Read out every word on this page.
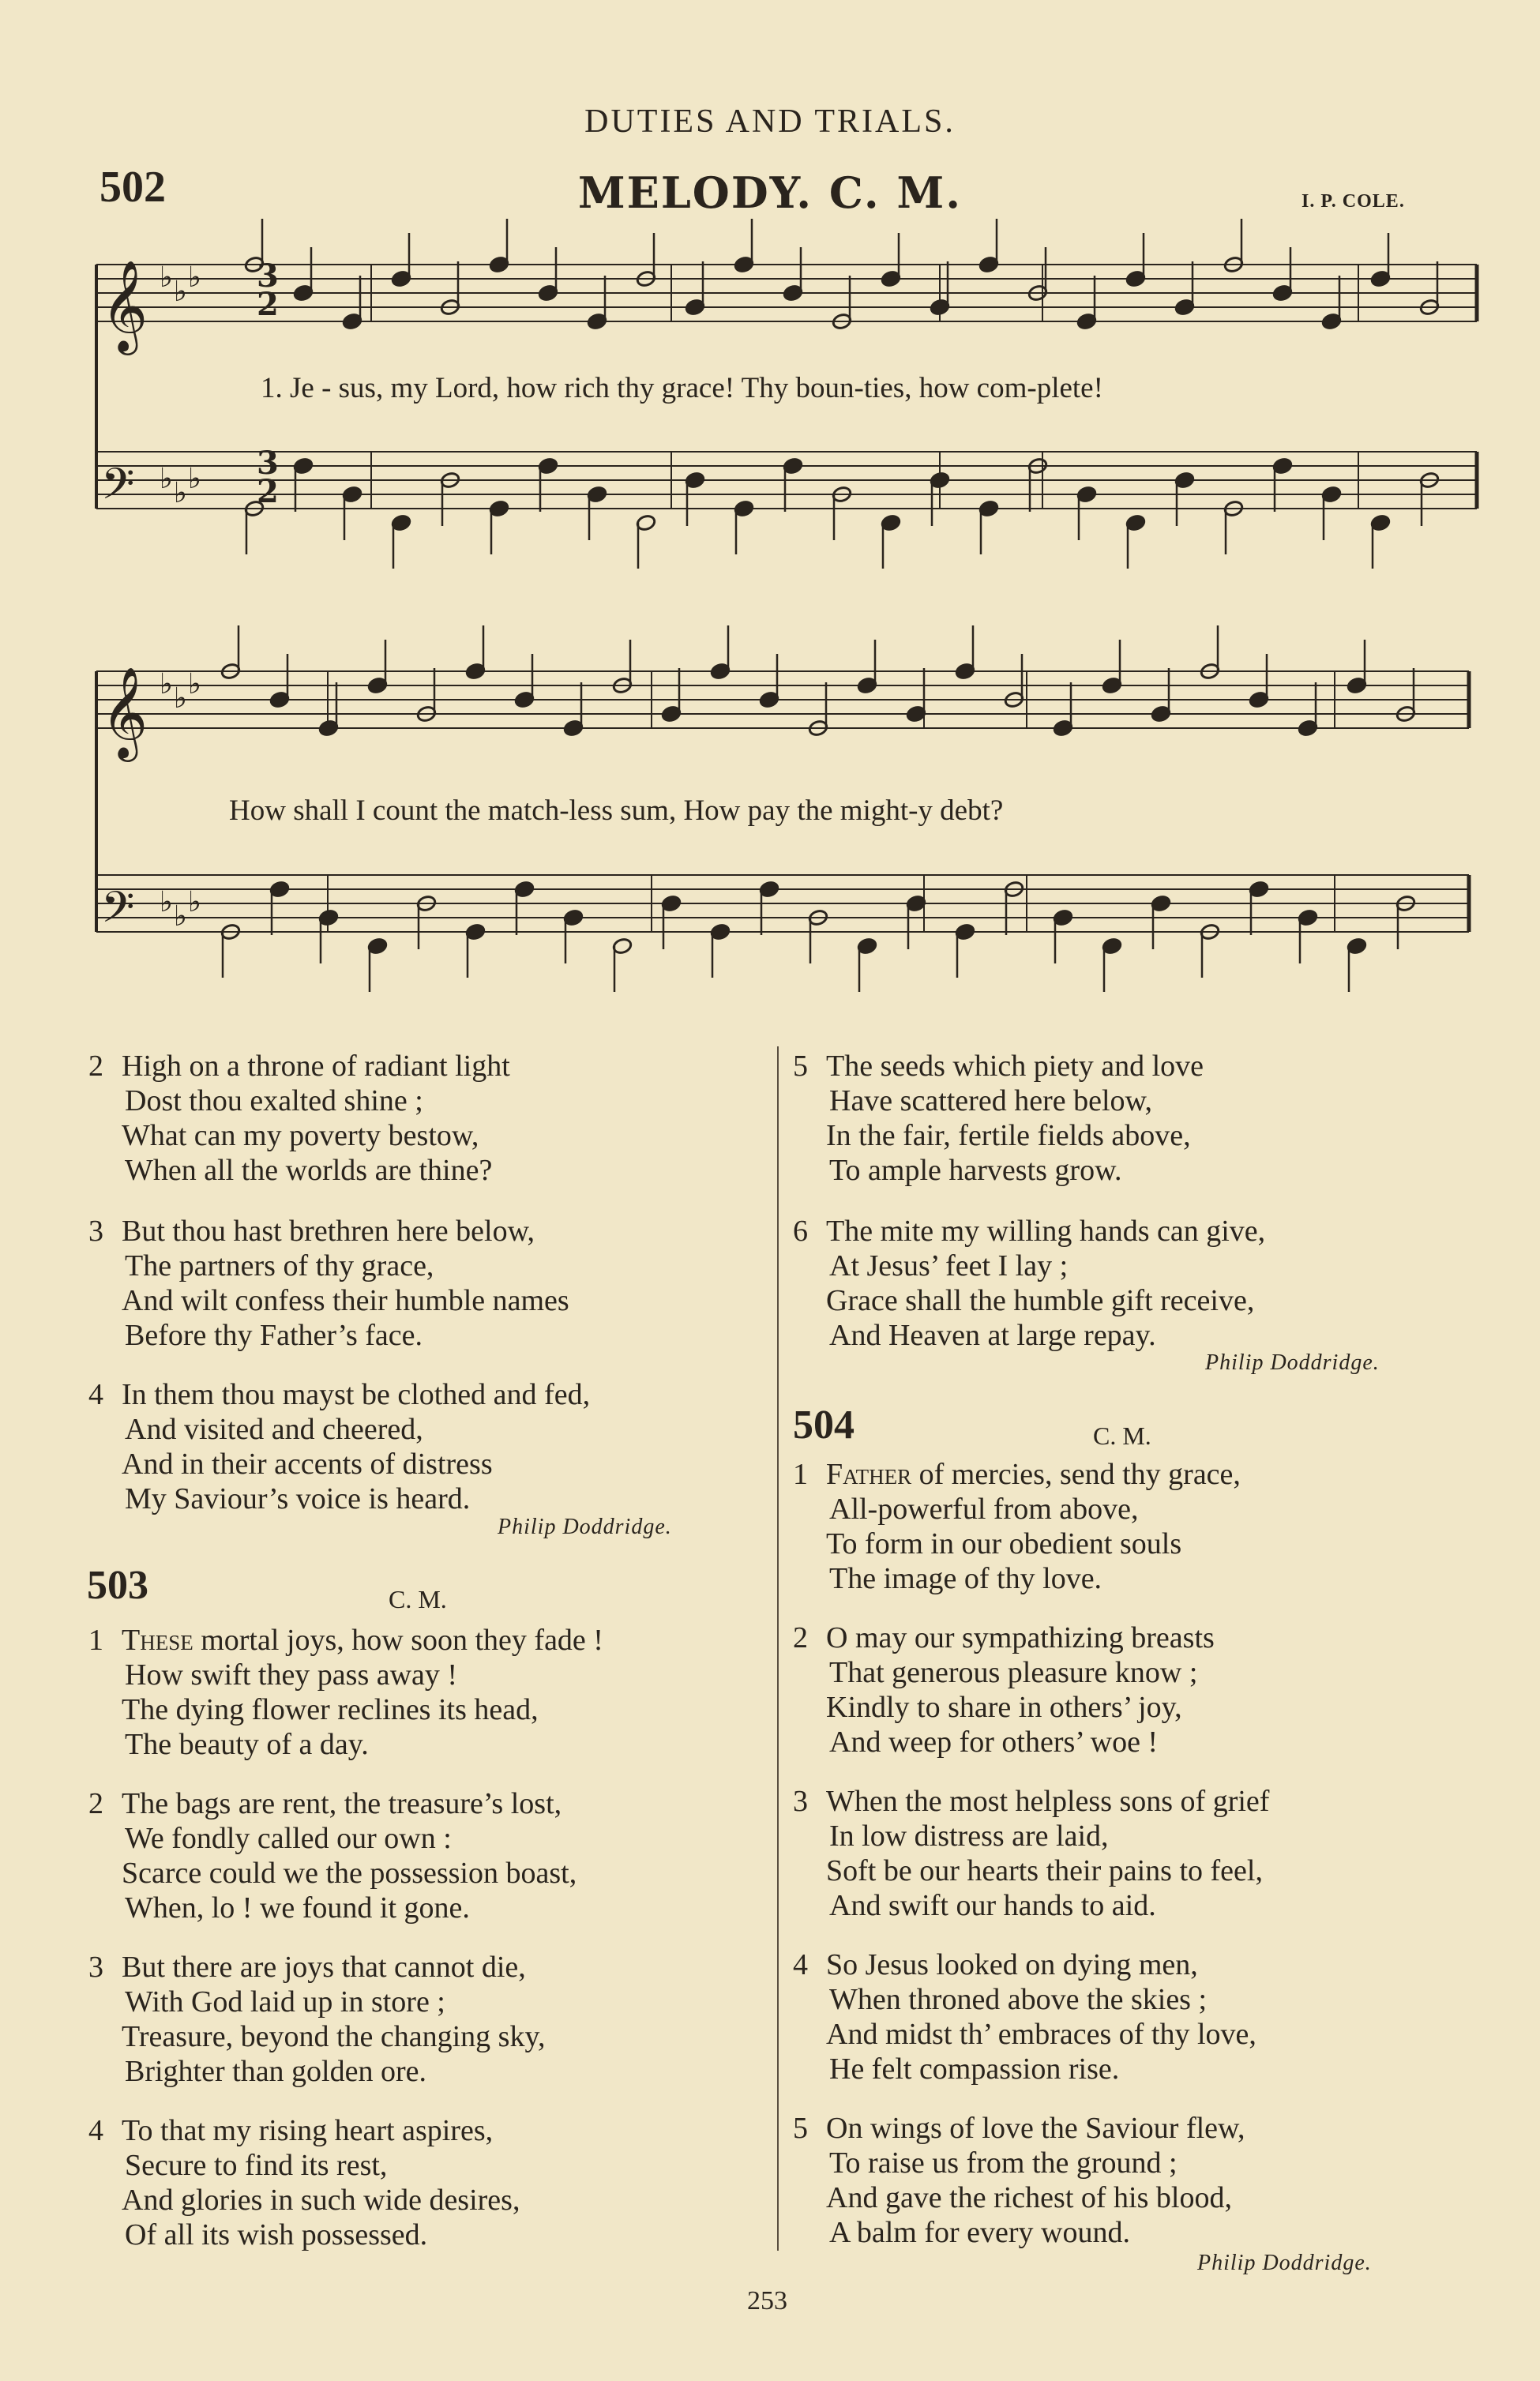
DUTIES AND TRIALS.
502	MELODY. C. M.	I. P. COLE.
𝄞 ♭ ♭ ♭
𝄢 ♭ ♭ ♭
𝄞 ♭ ♭ ♭
𝄢 ♭ ♭ ♭
3
3
2
2
1. Je - sus, my Lord, how rich thy grace! Thy boun-ties, how com-plete!
How shall I count the match-less sum, How pay the might-y debt?
2 High on a throne of radiant light
Dost thou exalted shine ;
What can my poverty bestow,
When all the worlds are thine?
3 But thou hast brethren here below,
The partners of thy grace,
And wilt confess their humble names
Before thy Father’s face.
4 In them thou mayst be clothed and fed,
And visited and cheered,
And in their accents of distress
My Saviour’s voice is heard.
Philip Doddridge.
503	C. M.
1 These mortal joys, how soon they fade !
How swift they pass away !
The dying flower reclines its head,
The beauty of a day.
2 The bags are rent, the treasure’s lost,
We fondly called our own :
Scarce could we the possession boast,
When, lo ! we found it gone.
3 But there are joys that cannot die,
With God laid up in store ;
Treasure, beyond the changing sky,
Brighter than golden ore.
4 To that my rising heart aspires,
Secure to find its rest,
And glories in such wide desires,
Of all its wish possessed.
5 The seeds which piety and love
Have scattered here below,
In the fair, fertile fields above,
To ample harvests grow.
6 The mite my willing hands can give,
At Jesus’ feet I lay ;
Grace shall the humble gift receive,
And Heaven at large repay.
Philip Doddridge.
504	C. M.
1 Father of mercies, send thy grace,
All-powerful from above,
To form in our obedient souls
The image of thy love.
2 O may our sympathizing breasts
That generous pleasure know ;
Kindly to share in others’ joy,
And weep for others’ woe !
3 When the most helpless sons of grief
In low distress are laid,
Soft be our hearts their pains to feel,
And swift our hands to aid.
4 So Jesus looked on dying men,
When throned above the skies ;
And midst th’ embraces of thy love,
He felt compassion rise.
5 On wings of love the Saviour flew,
To raise us from the ground ;
And gave the richest of his blood,
A balm for every wound.
Philip Doddridge.
253
